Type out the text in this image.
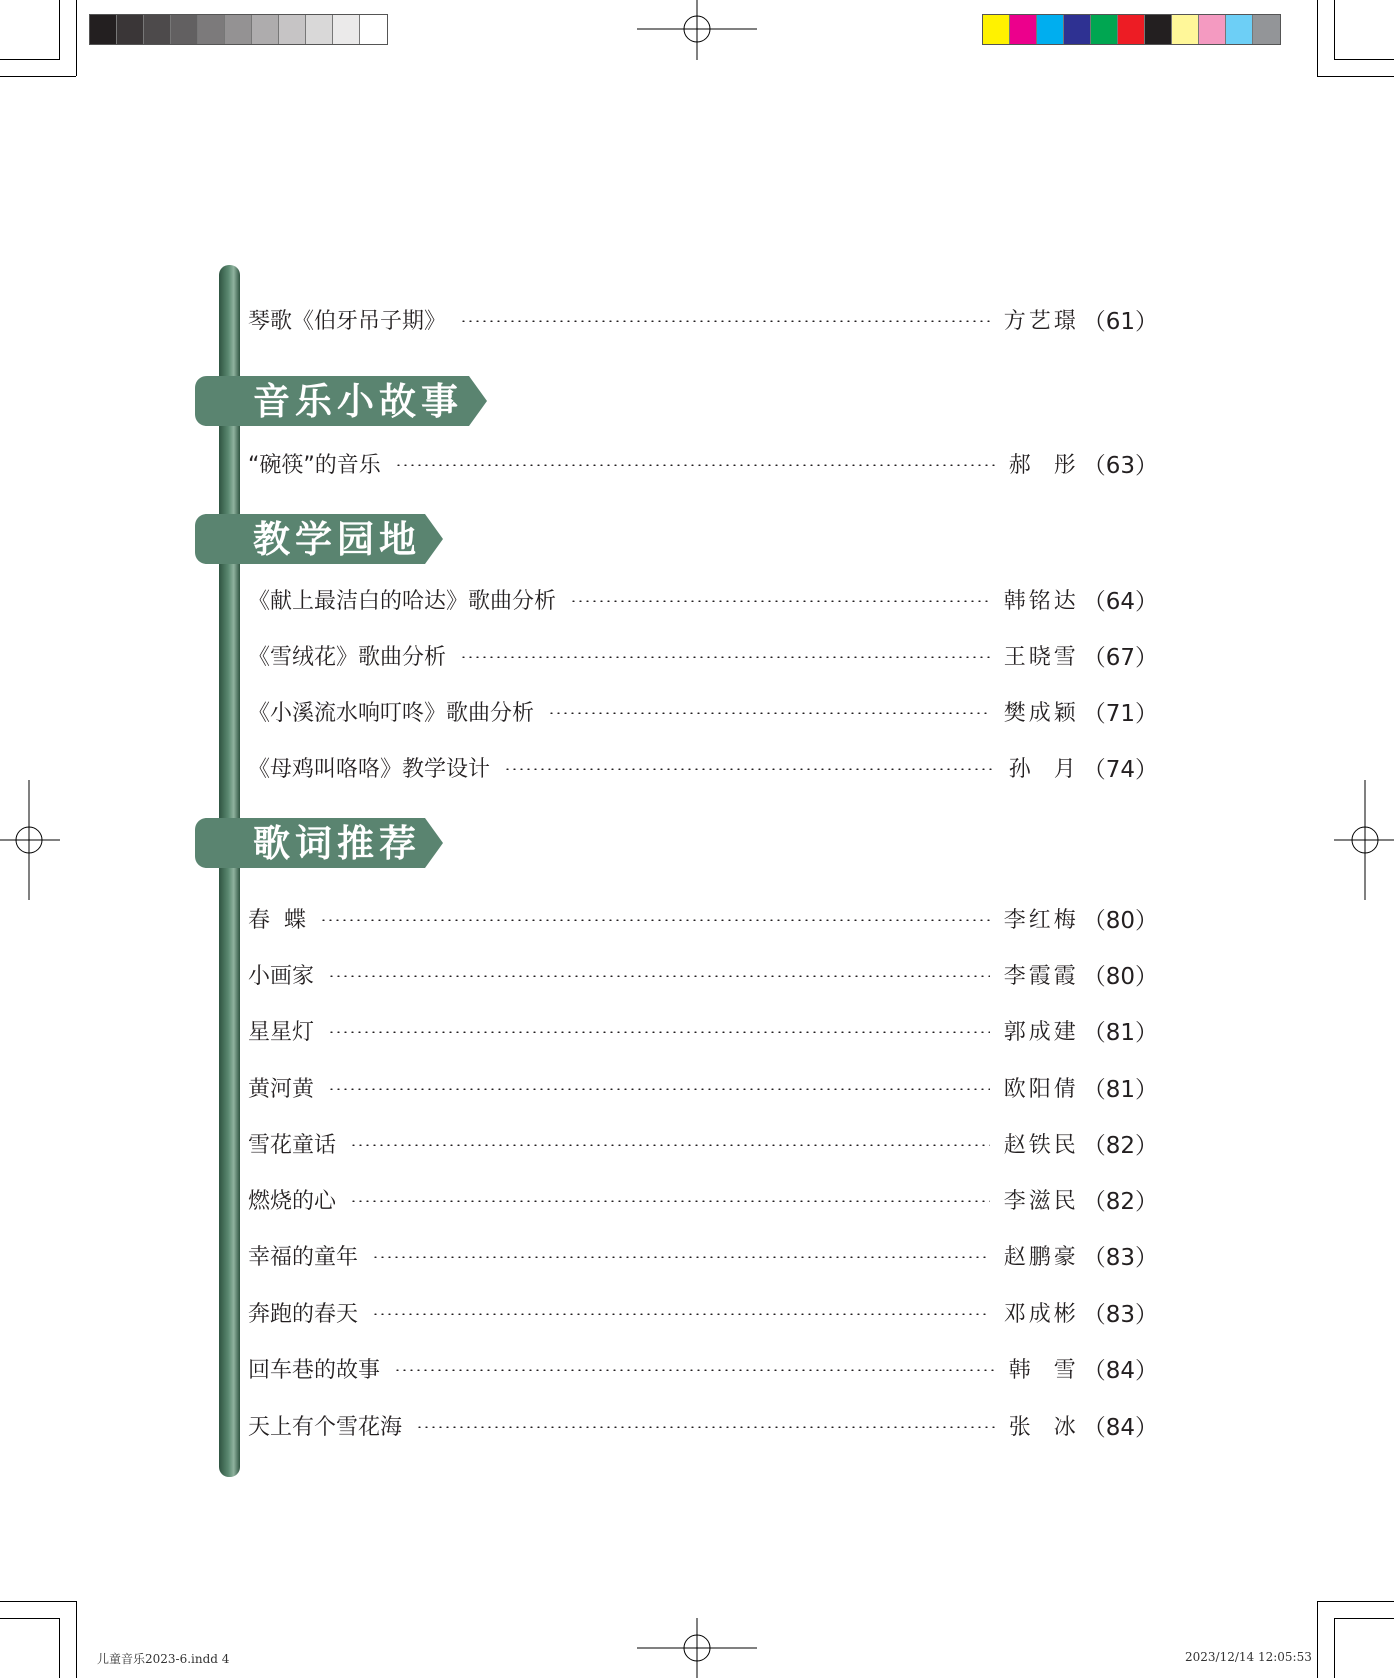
琴歌《伯牙吊子期》	方艺璟 （61）
音乐小故事
“碗筷”的音乐	郝  彤 （63）
教学园地
《献上最洁白的哈达》歌曲分析	韩铭达 （64）
《雪绒花》歌曲分析	王晓雪 （67）
《小溪流水响叮咚》歌曲分析	樊成颖 （71）
《母鸡叫咯咯》教学设计	孙  月 （74）
歌词推荐
春  蝶	李红梅 （80）
小画家	李霞霞 （80）
星星灯	郭成建 （81）
黄河黄	欧阳倩 （81）
雪花童话	赵铁民 （82）
燃烧的心	李滋民 （82）
幸福的童年	赵鹏豪 （83）
奔跑的春天	邓成彬 （83）
回车巷的故事	韩  雪 （84）
天上有个雪花海	张  冰 （84）
儿童音乐2023-6.indd 4	2023/12/14 12:05:53
